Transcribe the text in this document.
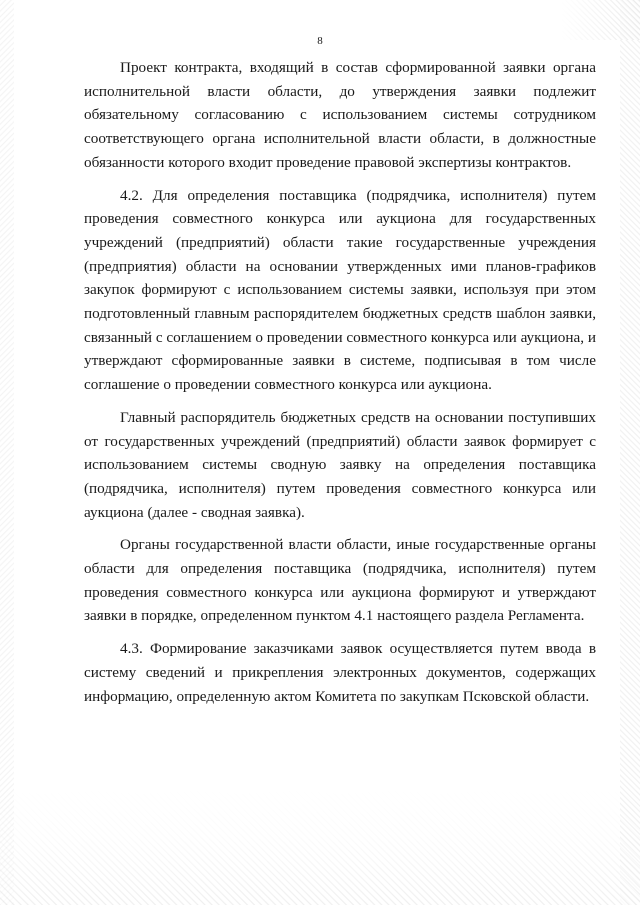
8

Проект контракта, входящий в состав сформированной заявки органа исполнительной власти области, до утверждения заявки подлежит обязательному согласованию с использованием системы сотрудником соответствующего органа исполнительной власти области, в должностные обязанности которого входит проведение правовой экспертизы контрактов.

4.2. Для определения поставщика (подрядчика, исполнителя) путем проведения совместного конкурса или аукциона для государственных учреждений (предприятий) области такие государственные учреждения (предприятия) области на основании утвержденных ими планов-графиков закупок формируют с использованием системы заявки, используя при этом подготовленный главным распорядителем бюджетных средств шаблон заявки, связанный с соглашением о проведении совместного конкурса или аукциона, и утверждают сформированные заявки в системе, подписывая в том числе соглашение о проведении совместного конкурса или аукциона.

Главный распорядитель бюджетных средств на основании поступивших от государственных учреждений (предприятий) области заявок формирует с использованием системы сводную заявку на определения поставщика (подрядчика, исполнителя) путем проведения совместного конкурса или аукциона (далее - сводная заявка).

Органы государственной власти области, иные государственные органы области для определения поставщика (подрядчика, исполнителя) путем проведения совместного конкурса или аукциона формируют и утверждают заявки в порядке, определенном пунктом 4.1 настоящего раздела Регламента.

4.3. Формирование заказчиками заявок осуществляется путем ввода в систему сведений и прикрепления электронных документов, содержащих информацию, определенную актом Комитета по закупкам Псковской области.
